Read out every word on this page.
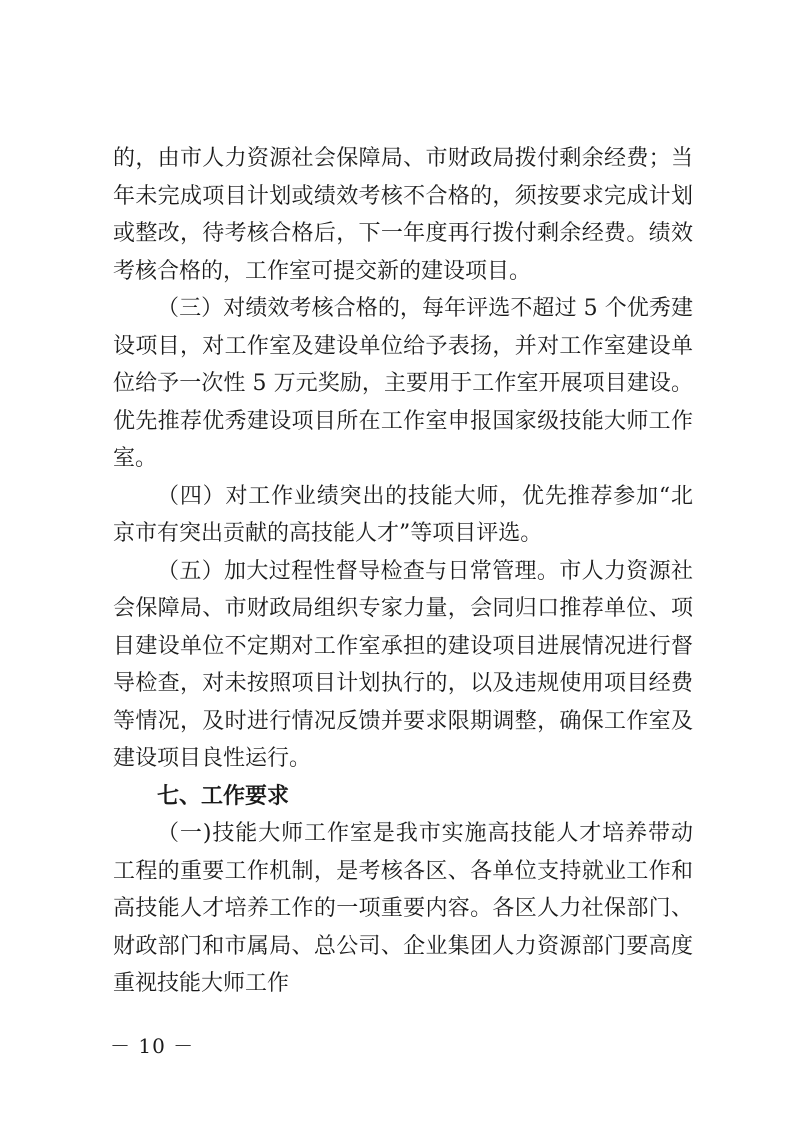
的，由市人力资源社会保障局、市财政局拨付剩余经费；当年未完成项目计划或绩效考核不合格的，须按要求完成计划或整改，待考核合格后，下一年度再行拨付剩余经费。绩效考核合格的，工作室可提交新的建设项目。

（三）对绩效考核合格的，每年评选不超过 5 个优秀建设项目，对工作室及建设单位给予表扬，并对工作室建设单位给予一次性 5 万元奖励，主要用于工作室开展项目建设。优先推荐优秀建设项目所在工作室申报国家级技能大师工作室。

（四）对工作业绩突出的技能大师，优先推荐参加“北京市有突出贡献的高技能人才”等项目评选。

（五）加大过程性督导检查与日常管理。市人力资源社会保障局、市财政局组织专家力量，会同归口推荐单位、项目建设单位不定期对工作室承担的建设项目进展情况进行督导检查，对未按照项目计划执行的，以及违规使用项目经费等情况，及时进行情况反馈并要求限期调整，确保工作室及建设项目良性运行。

七、工作要求

（一)技能大师工作室是我市实施高技能人才培养带动工程的重要工作机制，是考核各区、各单位支持就业工作和高技能人才培养工作的一项重要内容。各区人力社保部门、财政部门和市属局、总公司、企业集团人力资源部门要高度重视技能大师工作

－ 10 －
